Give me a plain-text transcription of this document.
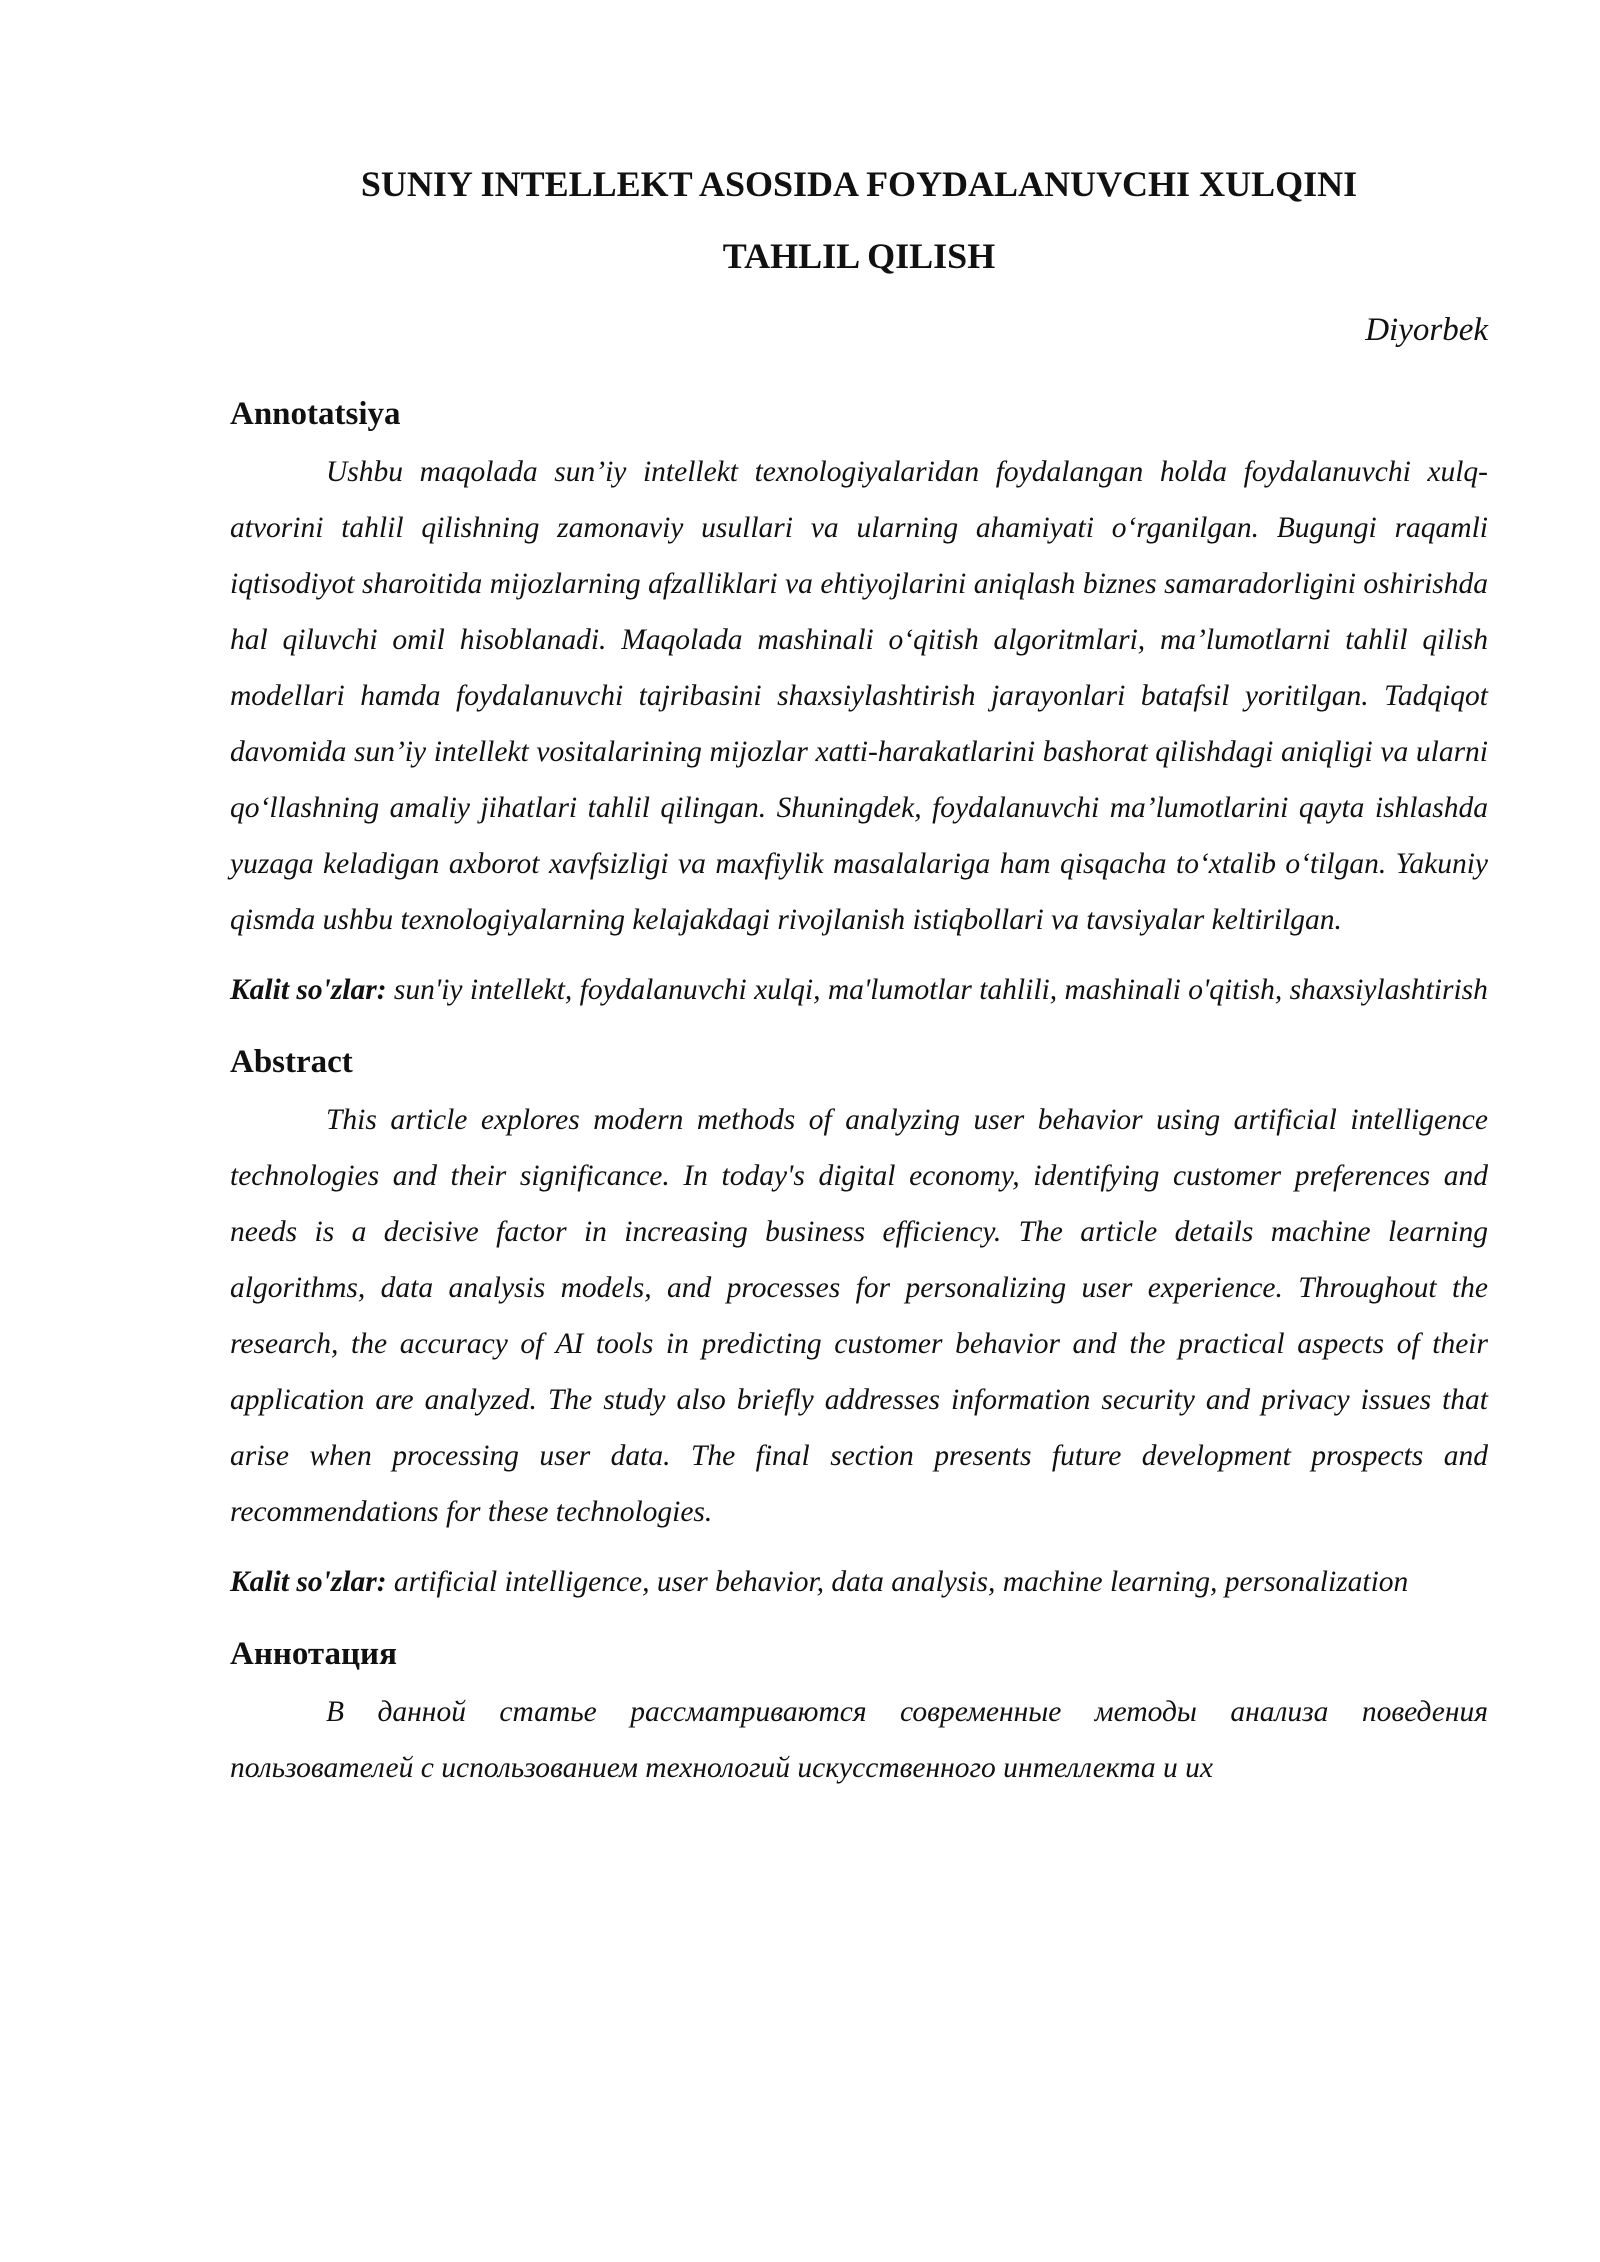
SUNIY INTELLEKT ASOSIDA FOYDALANUVCHI XULQINI
TAHLIL QILISH

Diyorbek

Annotatsiya

Ushbu maqolada sun’iy intellekt texnologiyalaridan foydalangan holda foydalanuvchi xulq-atvorini tahlil qilishning zamonaviy usullari va ularning ahamiyati o‘rganilgan. Bugungi raqamli iqtisodiyot sharoitida mijozlarning afzalliklari va ehtiyojlarini aniqlash biznes samaradorligini oshirishda hal qiluvchi omil hisoblanadi. Maqolada mashinali o‘qitish algoritmlari, ma’lumotlarni tahlil qilish modellari hamda foydalanuvchi tajribasini shaxsiylashtirish jarayonlari batafsil yoritilgan. Tadqiqot davomida sun’iy intellekt vositalarining mijozlar xatti-harakatlarini bashorat qilishdagi aniqligi va ularni qo‘llashning amaliy jihatlari tahlil qilingan. Shuningdek, foydalanuvchi ma’lumotlarini qayta ishlashda yuzaga keladigan axborot xavfsizligi va maxfiylik masalalariga ham qisqacha to‘xtalib o‘tilgan. Yakuniy qismda ushbu texnologiyalarning kelajakdagi rivojlanish istiqbollari va tavsiyalar keltirilgan.

Kalit so'zlar: sun'iy intellekt, foydalanuvchi xulqi, ma'lumotlar tahlili, mashinali o'qitish, shaxsiylashtirish

Abstract

This article explores modern methods of analyzing user behavior using artificial intelligence technologies and their significance. In today's digital economy, identifying customer preferences and needs is a decisive factor in increasing business efficiency. The article details machine learning algorithms, data analysis models, and processes for personalizing user experience. Throughout the research, the accuracy of AI tools in predicting customer behavior and the practical aspects of their application are analyzed. The study also briefly addresses information security and privacy issues that arise when processing user data. The final section presents future development prospects and recommendations for these technologies.

Kalit so'zlar: artificial intelligence, user behavior, data analysis, machine learning, personalization

Аннотация

В данной статье рассматриваются современные методы анализа поведения пользователей с использованием технологий искусственного интеллекта и их
